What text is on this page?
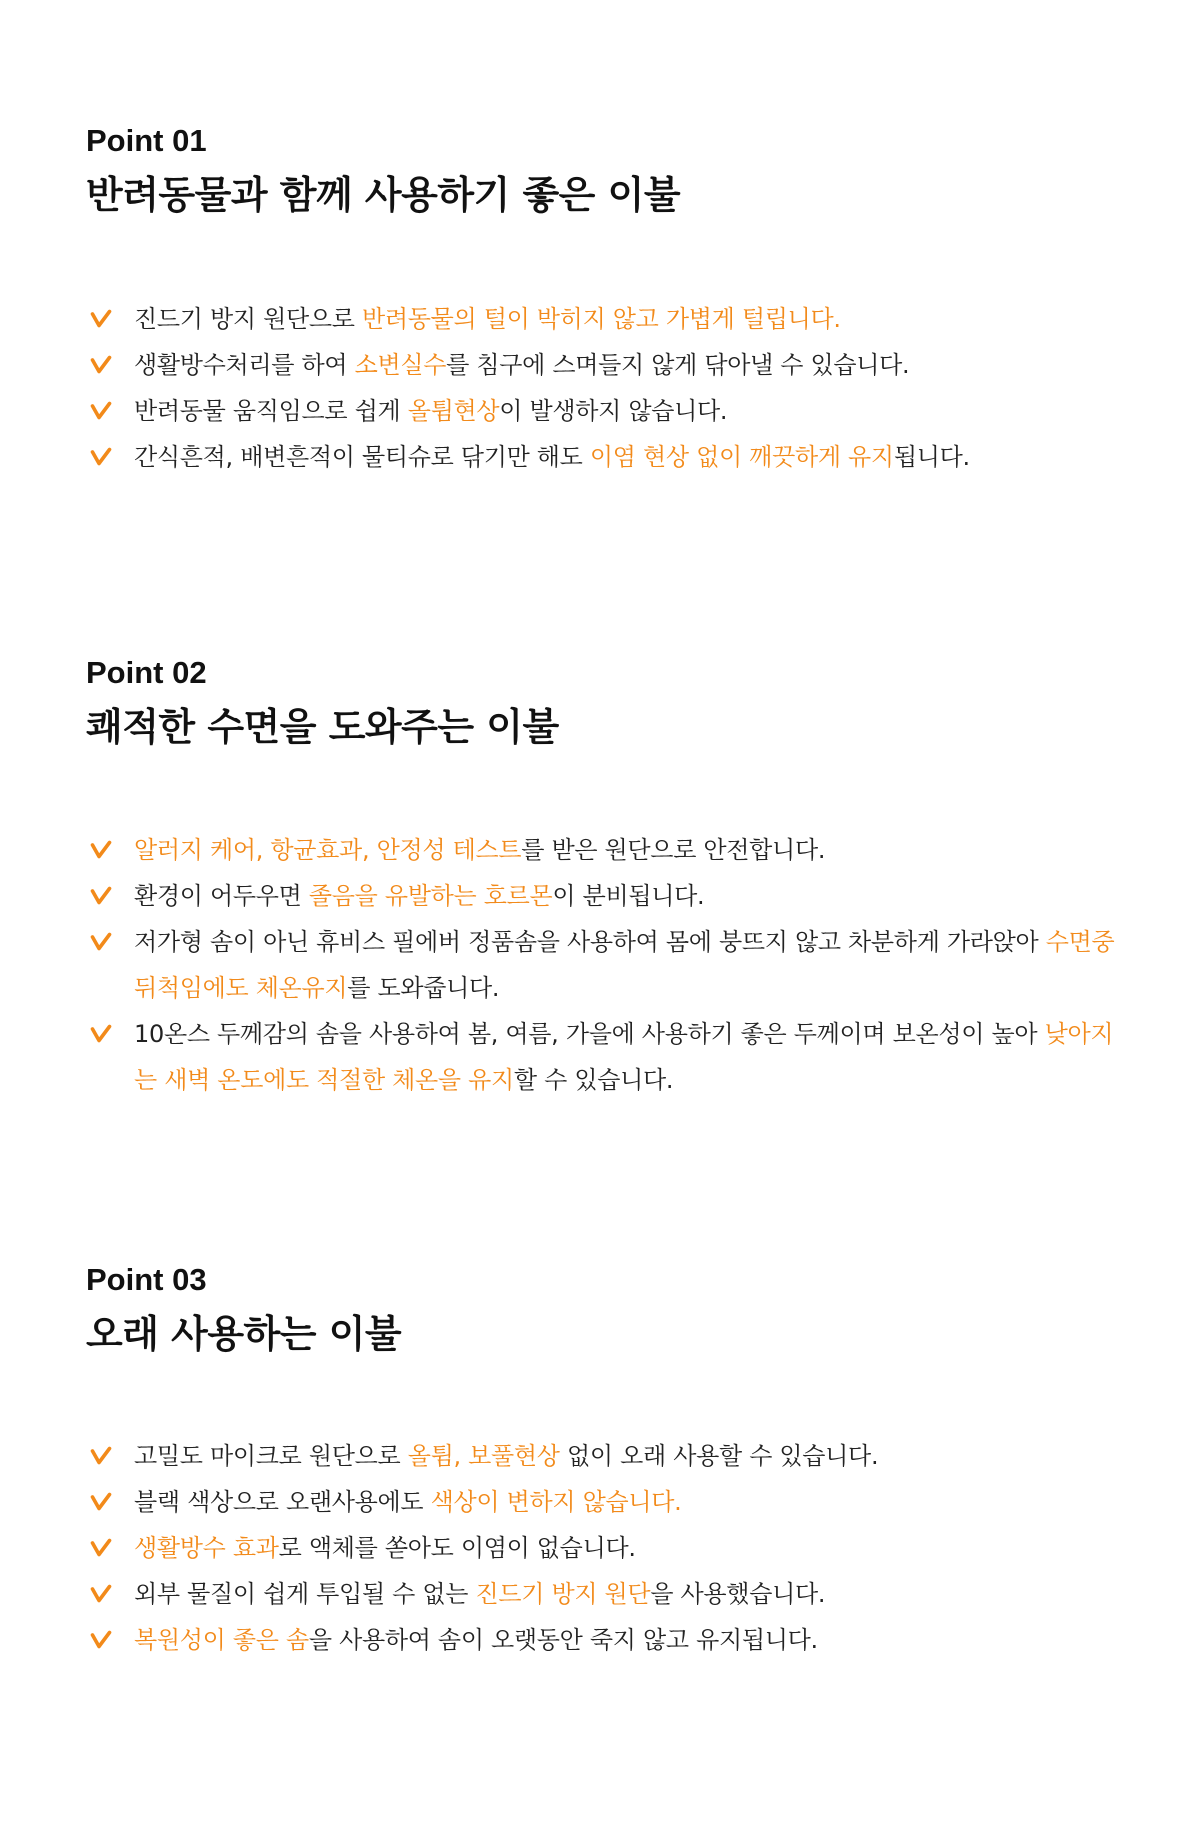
Point 01
반려동물과 함께 사용하기 좋은 이불
진드기 방지 원단으로 반려동물의 털이 박히지 않고 가볍게 털립니다.
생활방수처리를 하여 소변실수를 침구에 스며들지 않게 닦아낼 수 있습니다.
반려동물 움직임으로 쉽게 올튐현상이 발생하지 않습니다.
간식흔적, 배변흔적이 물티슈로 닦기만 해도 이염 현상 없이 깨끗하게 유지됩니다.
Point 02
쾌적한 수면을 도와주는 이불
알러지 케어, 항균효과, 안정성 테스트를 받은 원단으로 안전합니다.
환경이 어두우면 졸음을 유발하는 호르몬이 분비됩니다.
저가형 솜이 아닌 휴비스 필에버 정품솜을 사용하여 몸에 붕뜨지 않고 차분하게 가라앉아 수면중 뒤척임에도 체온유지를 도와줍니다.
10온스 두께감의 솜을 사용하여 봄, 여름, 가을에 사용하기 좋은 두께이며 보온성이 높아 낮아지는 새벽 온도에도 적절한 체온을 유지할 수 있습니다.
Point 03
오래 사용하는 이불
고밀도 마이크로 원단으로 올튐, 보풀현상 없이 오래 사용할 수 있습니다.
블랙 색상으로 오랜사용에도 색상이 변하지 않습니다.
생활방수 효과로 액체를 쏟아도 이염이 없습니다.
외부 물질이 쉽게 투입될 수 없는 진드기 방지 원단을 사용했습니다.
복원성이 좋은 솜을 사용하여 솜이 오랫동안 죽지 않고 유지됩니다.
